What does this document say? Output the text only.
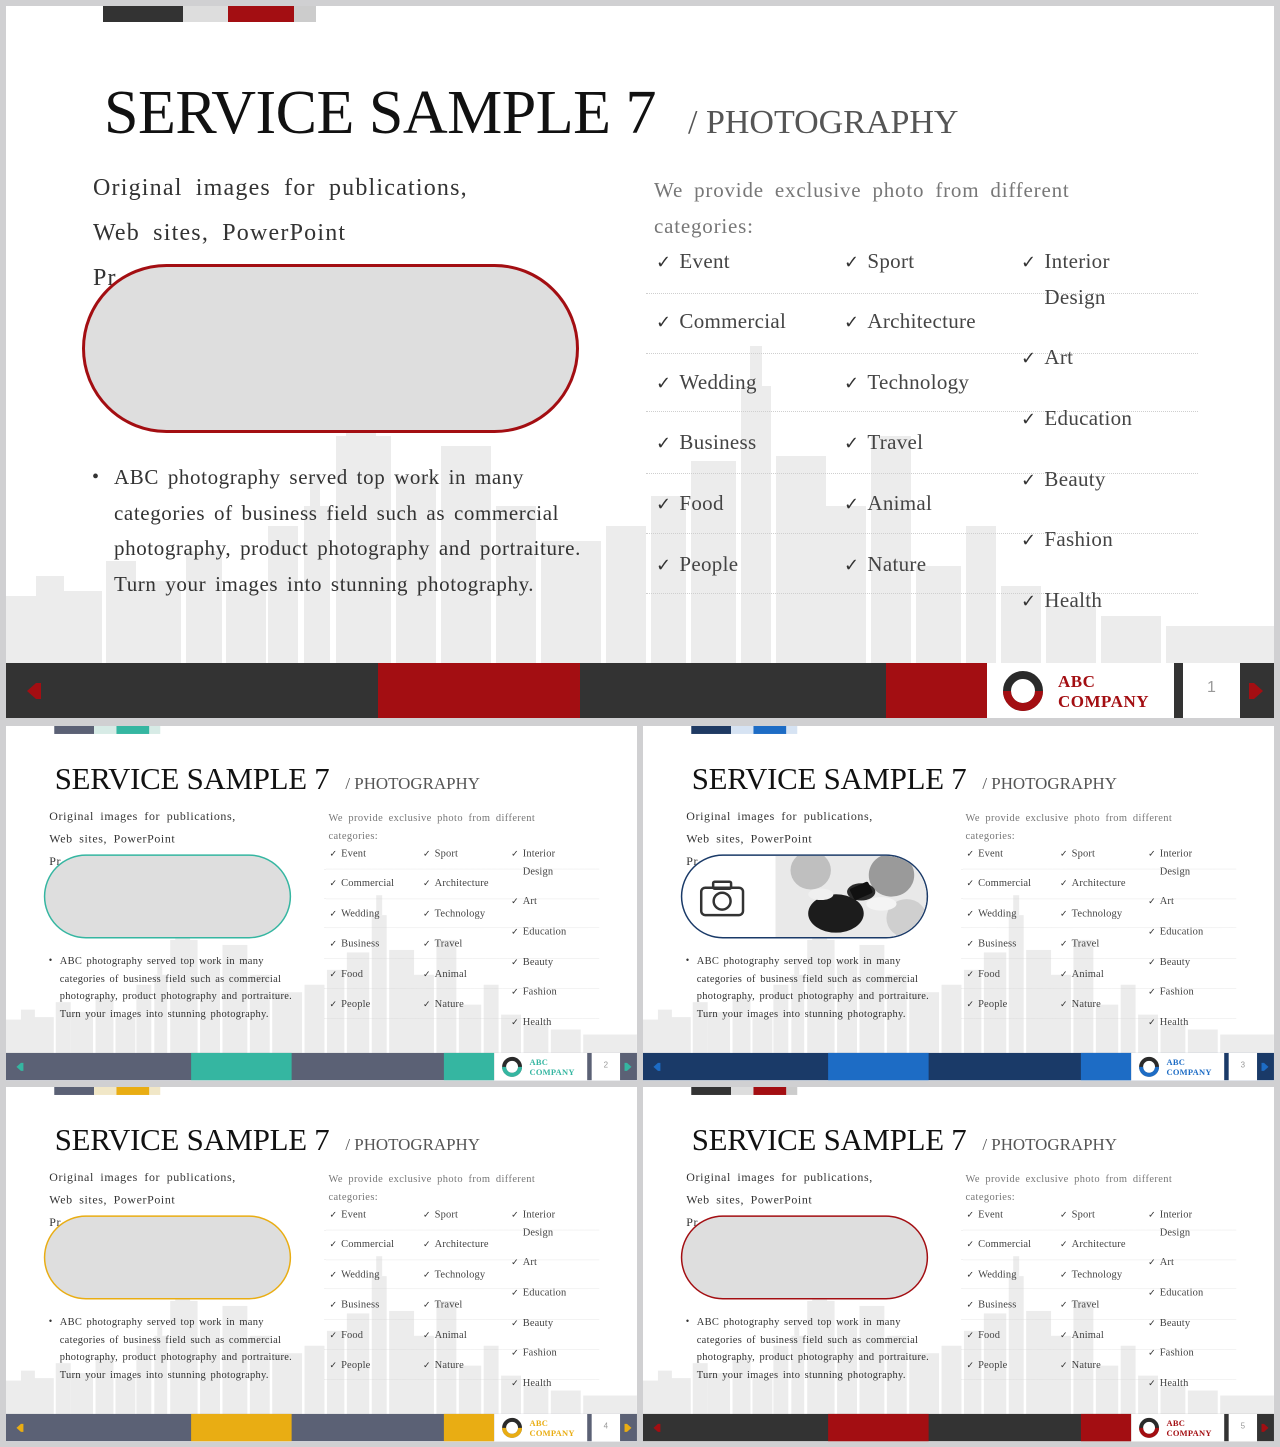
SERVICE SAMPLE 7 / PHOTOGRAPHY
Original images for publications,
Web sites, PowerPoint
Pr
• ABC photography served top work in many categories of business field such as commercial photography, product photography and portraiture. Turn your images into stunning photography.
We provide exclusive photo from different categories:
✓ Event
✓ Commercial
✓ Wedding
✓ Business
✓ Food
✓ People
✓ Sport
✓ Architecture
✓ Technology
✓ Travel
✓ Animal
✓ Nature
✓ Interior Design
✓ Art
✓ Education
✓ Beauty
✓ Fashion
✓ Health
ABC COMPANY
1
SERVICE SAMPLE 7 / PHOTOGRAPHY
Original images for publications,
Web sites, PowerPoint
Pr
• ABC photography served top work in many categories of business field such as commercial photography, product photography and portraiture. Turn your images into stunning photography.
We provide exclusive photo from different categories:
✓ Event
✓ Commercial
✓ Wedding
✓ Business
✓ Food
✓ People
✓ Sport
✓ Architecture
✓ Technology
✓ Travel
✓ Animal
✓ Nature
✓ Interior Design
✓ Art
✓ Education
✓ Beauty
✓ Fashion
✓ Health
ABC COMPANY
2
SERVICE SAMPLE 7 / PHOTOGRAPHY
Original images for publications,
Web sites, PowerPoint
Pr
• ABC photography served top work in many categories of business field such as commercial photography, product photography and portraiture. Turn your images into stunning photography.
We provide exclusive photo from different categories:
✓ Event
✓ Commercial
✓ Wedding
✓ Business
✓ Food
✓ People
✓ Sport
✓ Architecture
✓ Technology
✓ Travel
✓ Animal
✓ Nature
✓ Interior Design
✓ Art
✓ Education
✓ Beauty
✓ Fashion
✓ Health
ABC COMPANY
3
SERVICE SAMPLE 7 / PHOTOGRAPHY
Original images for publications,
Web sites, PowerPoint
Pr
• ABC photography served top work in many categories of business field such as commercial photography, product photography and portraiture. Turn your images into stunning photography.
We provide exclusive photo from different categories:
✓ Event
✓ Commercial
✓ Wedding
✓ Business
✓ Food
✓ People
✓ Sport
✓ Architecture
✓ Technology
✓ Travel
✓ Animal
✓ Nature
✓ Interior Design
✓ Art
✓ Education
✓ Beauty
✓ Fashion
✓ Health
ABC COMPANY
4
SERVICE SAMPLE 7 / PHOTOGRAPHY
Original images for publications,
Web sites, PowerPoint
Pr
• ABC photography served top work in many categories of business field such as commercial photography, product photography and portraiture. Turn your images into stunning photography.
We provide exclusive photo from different categories:
✓ Event
✓ Commercial
✓ Wedding
✓ Business
✓ Food
✓ People
✓ Sport
✓ Architecture
✓ Technology
✓ Travel
✓ Animal
✓ Nature
✓ Interior Design
✓ Art
✓ Education
✓ Beauty
✓ Fashion
✓ Health
ABC COMPANY
5
